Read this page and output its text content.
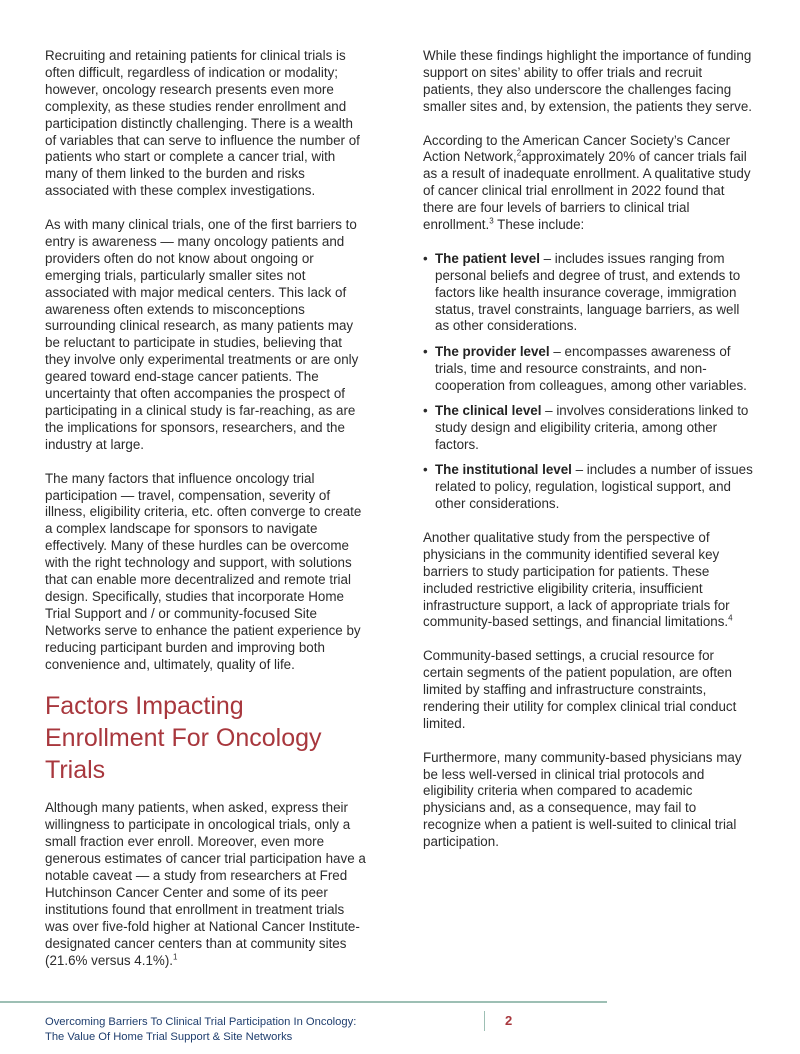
Recruiting and retaining patients for clinical trials is often difficult, regardless of indication or modality; however, oncology research presents even more complexity, as these studies render enrollment and participation distinctly challenging. There is a wealth of variables that can serve to influence the number of patients who start or complete a cancer trial, with many of them linked to the burden and risks associated with these complex investigations.

As with many clinical trials, one of the first barriers to entry is awareness — many oncology patients and providers often do not know about ongoing or emerging trials, particularly smaller sites not associated with major medical centers. This lack of awareness often extends to misconceptions surrounding clinical research, as many patients may be reluctant to participate in studies, believing that they involve only experimental treatments or are only geared toward end-stage cancer patients. The uncertainty that often accompanies the prospect of participating in a clinical study is far-reaching, as are the implications for sponsors, researchers, and the industry at large.

The many factors that influence oncology trial participation — travel, compensation, severity of illness, eligibility criteria, etc. often converge to create a complex landscape for sponsors to navigate effectively. Many of these hurdles can be overcome with the right technology and support, with solutions that can enable more decentralized and remote trial design. Specifically, studies that incorporate Home Trial Support and / or community-focused Site Networks serve to enhance the patient experience by reducing participant burden and improving both convenience and, ultimately, quality of life.

Factors Impacting Enrollment For Oncology Trials

Although many patients, when asked, express their willingness to participate in oncological trials, only a small fraction ever enroll. Moreover, even more generous estimates of cancer trial participation have a notable caveat — a study from researchers at Fred Hutchinson Cancer Center and some of its peer institutions found that enrollment in treatment trials was over five-fold higher at National Cancer Institute-designated cancer centers than at community sites (21.6% versus 4.1%).$^1$

While these findings highlight the importance of funding support on sites’ ability to offer trials and recruit patients, they also underscore the challenges facing smaller sites and, by extension, the patients they serve.

According to the American Cancer Society’s Cancer Action Network,$^2$approximately 20% of cancer trials fail as a result of inadequate enrollment. A qualitative study of cancer clinical trial enrollment in 2022 found that there are four levels of barriers to clinical trial enrollment.$^3$ These include:

• The patient level – includes issues ranging from personal beliefs and degree of trust, and extends to factors like health insurance coverage, immigration status, travel constraints, language barriers, as well as other considerations.
• The provider level – encompasses awareness of trials, time and resource constraints, and non-cooperation from colleagues, among other variables.
• The clinical level – involves considerations linked to study design and eligibility criteria, among other factors.
• The institutional level – includes a number of issues related to policy, regulation, logistical support, and other considerations.

Another qualitative study from the perspective of physicians in the community identified several key barriers to study participation for patients. These included restrictive eligibility criteria, insufficient infrastructure support, a lack of appropriate trials for community-based settings, and financial limitations.$^4$

Community-based settings, a crucial resource for certain segments of the patient population, are often limited by staffing and infrastructure constraints, rendering their utility for complex clinical trial conduct limited.

Furthermore, many community-based physicians may be less well-versed in clinical trial protocols and eligibility criteria when compared to academic physicians and, as a consequence, may fail to recognize when a patient is well-suited to clinical trial participation.

Overcoming Barriers To Clinical Trial Participation In Oncology:
The Value Of Home Trial Support & Site Networks
2
